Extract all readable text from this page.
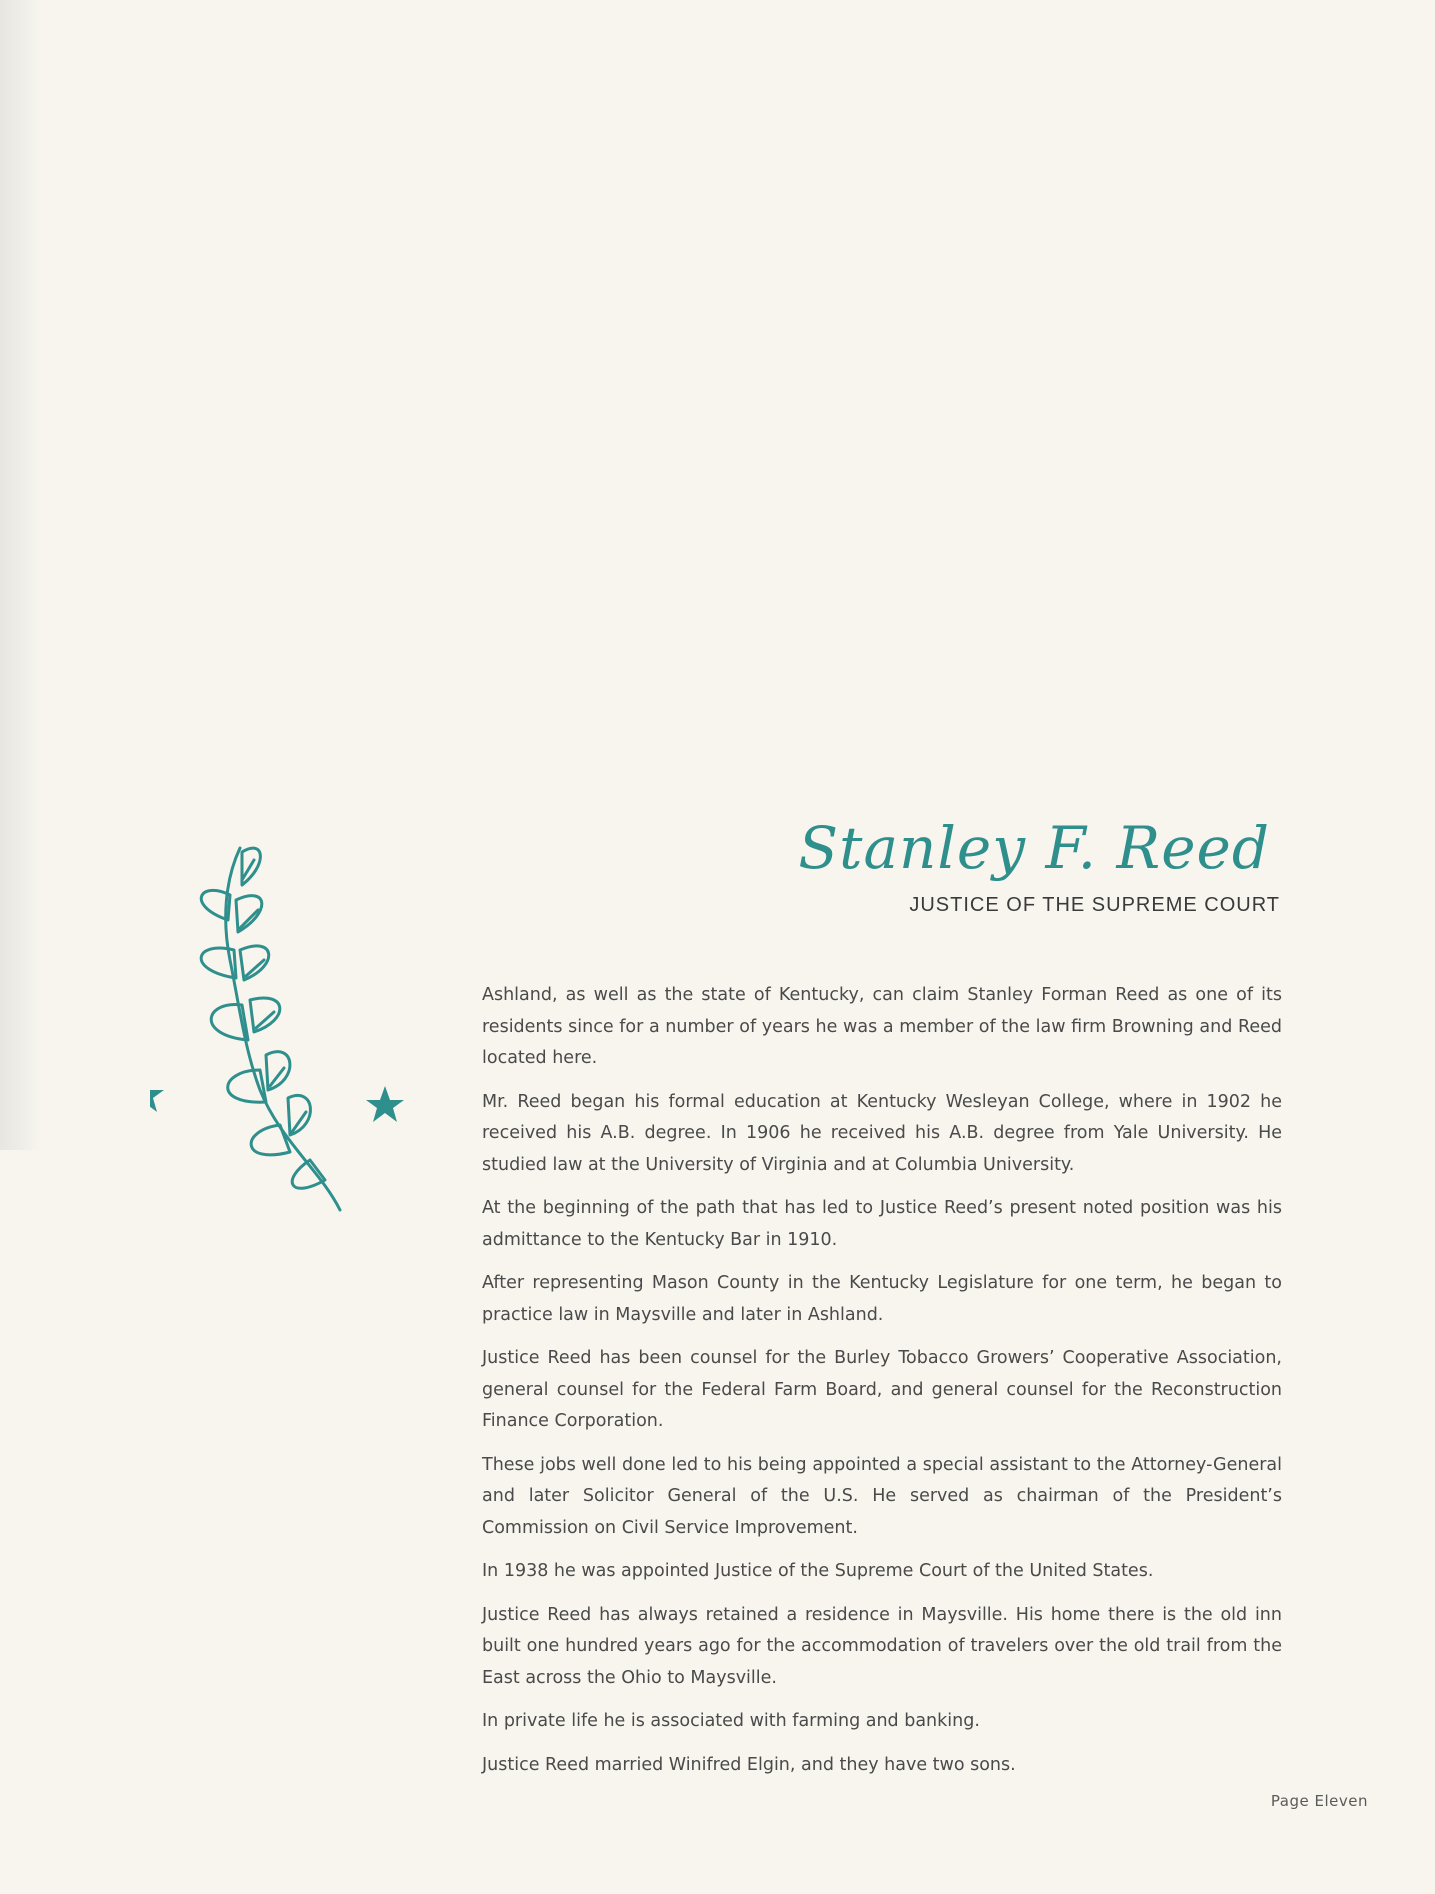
Stanley F. Reed
JUSTICE OF THE SUPREME COURT

Ashland, as well as the state of Kentucky, can claim Stanley Forman Reed as one of its residents since for a number of years he was a member of the law firm Browning and Reed located here.

Mr. Reed began his formal education at Kentucky Wesleyan College, where in 1902 he received his A.B. degree. In 1906 he received his A.B. degree from Yale University. He studied law at the University of Virginia and at Columbia University.

At the beginning of the path that has led to Justice Reed’s present noted position was his admittance to the Kentucky Bar in 1910.

After representing Mason County in the Kentucky Legislature for one term, he began to practice law in Maysville and later in Ashland.

Justice Reed has been counsel for the Burley Tobacco Growers’ Cooperative Association, general counsel for the Federal Farm Board, and general counsel for the Reconstruction Finance Corporation.

These jobs well done led to his being appointed a special assistant to the Attorney-General and later Solicitor General of the U.S. He served as chairman of the President’s Commission on Civil Service Improvement.

In 1938 he was appointed Justice of the Supreme Court of the United States.

Justice Reed has always retained a residence in Maysville. His home there is the old inn built one hundred years ago for the accommodation of travelers over the old trail from the East across the Ohio to Maysville.

In private life he is associated with farming and banking.

Justice Reed married Winifred Elgin, and they have two sons.

Page Eleven
